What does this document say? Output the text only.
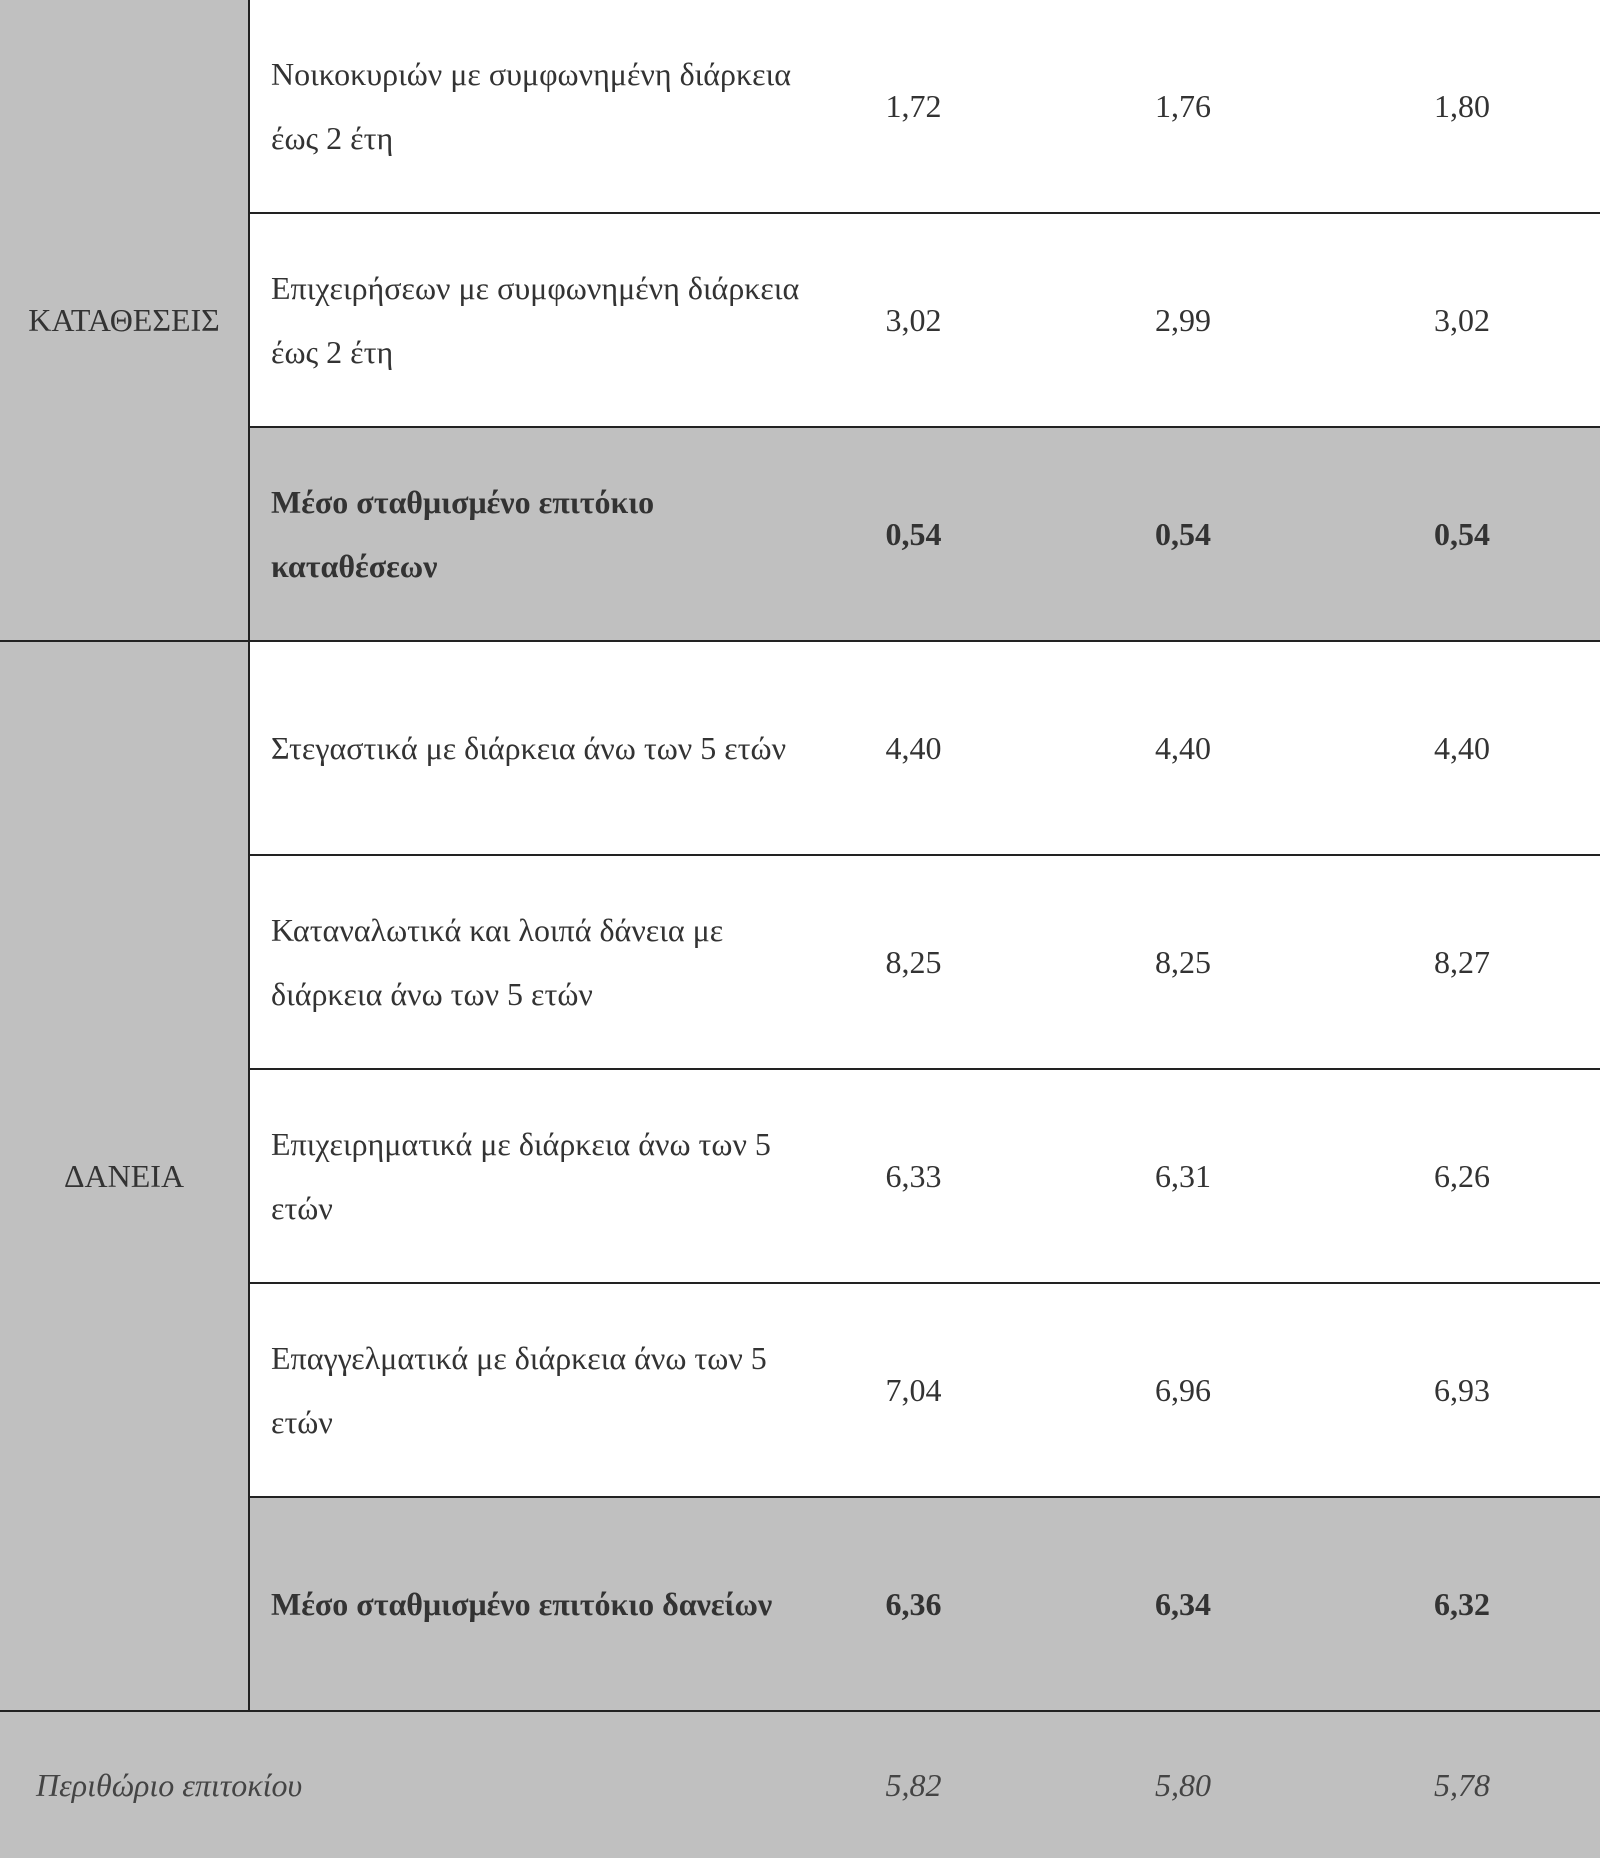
ΚΑΤΑΘΕΣΕΙΣ	Νοικοκυριών με συμφωνημένη διάρκεια έως 2 έτη	1,72	1,76	1,80
	Επιχειρήσεων με συμφωνημένη διάρκεια έως 2 έτη	3,02	2,99	3,02
	Μέσο σταθμισμένο επιτόκιο καταθέσεων	0,54	0,54	0,54
ΔΑΝΕΙΑ	Στεγαστικά με διάρκεια άνω των 5 ετών	4,40	4,40	4,40
	Καταναλωτικά και λοιπά δάνεια με διάρκεια άνω των 5 ετών	8,25	8,25	8,27
	Επιχειρηματικά με διάρκεια άνω των 5 ετών	6,33	6,31	6,26
	Επαγγελματικά με διάρκεια άνω των 5 ετών	7,04	6,96	6,93
	Μέσο σταθμισμένο επιτόκιο δανείων	6,36	6,34	6,32
Περιθώριο επιτοκίου		5,82	5,80	5,78
